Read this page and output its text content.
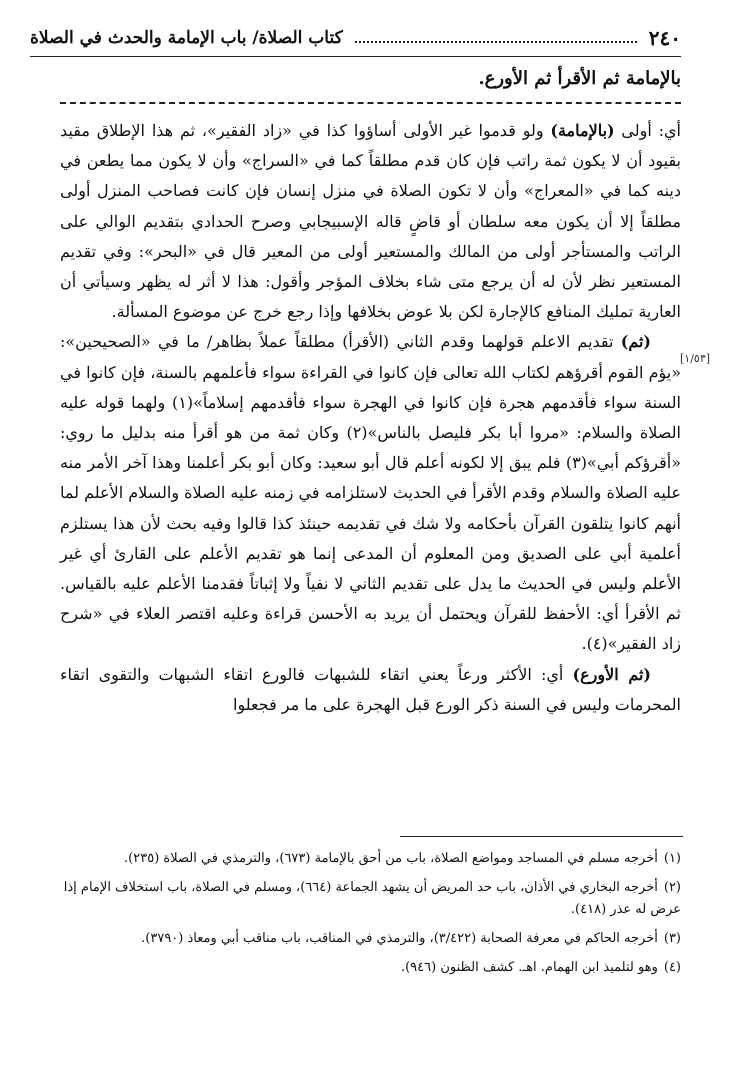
٢٤٠
كتاب الصلاة/ باب الإمامة والحدث في الصلاة
بالإمامة ثم الأقرأ ثم الأورع.
[١/٥٣]

أي: أولى (بالإمامة) ولو قدموا غير الأولى أساؤوا كذا في «زاد الفقير»، ثم هذا الإطلاق مقيد بقيود أن لا يكون ثمة راتب فإن كان قدم مطلقاً كما في «السراج» وأن لا يكون مما يطعن في دينه كما في «المعراج» وأن لا تكون الصلاة في منزل إنسان فإن كانت فصاحب المنزل أولى مطلقاً إلا أن يكون معه سلطان أو قاضٍ قاله الإسبيجابي وصرح الحدادي بتقديم الوالي على الراتب والمستأجر أولى من المالك والمستعير أولى من المعير قال في «البحر»: وفي تقديم المستعير نظر لأن له أن يرجع متى شاء بخلاف المؤجر وأقول: هذا لا أثر له يظهر وسيأتي أن العارية تمليك المنافع كالإجارة لكن بلا عوض بخلافها وإذا رجع خرج عن موضوع المسألة.

(ثم) تقديم الاعلم قولهما وقدم الثاني (الأقرأ) مطلقاً عملاً بظاهر/ ما في «الصحيحين»: «يؤم القوم أقرؤهم لكتاب الله تعالى فإن كانوا في القراءة سواء فأعلمهم بالسنة، فإن كانوا في السنة سواء فأقدمهم هجرة فإن كانوا في الهجرة سواء فأقدمهم إسلاماً»(١) ولهما قوله عليه الصلاة والسلام: «مروا أبا بكر فليصل بالناس»(٢) وكان ثمة من هو أقرأ منه بدليل ما روي: «أقرؤكم أبي»(٣) فلم يبق إلا لكونه أعلم قال أبو سعيد: وكان أبو بكر أعلمنا وهذا آخر الأمر منه عليه الصلاة والسلام وقدم الأقرأ في الحديث لاستلزامه في زمنه عليه الصلاة والسلام الأعلم لما أنهم كانوا يتلقون القرآن بأحكامه ولا شك في تقديمه حينئذ كذا قالوا وفيه بحث لأن هذا يستلزم أعلمية أبي على الصديق ومن المعلوم أن المدعى إنما هو تقديم الأعلم على القارئ أي غير الأعلم وليس في الحديث ما يدل على تقديم الثاني لا نفياً ولا إثباتاً فقدمنا الأعلم عليه بالقياس. ثم الأقرأ أي: الأحفظ للقرآن ويحتمل أن يريد به الأحسن قراءة وعليه اقتصر العلاء في «شرح زاد الفقير»(٤).

(ثم الأورع) أي: الأكثر ورعاً يعني اتقاء للشبهات فالورع اتقاء الشبهات والتقوى اتقاء المحرمات وليس في السنة ذكر الورع قبل الهجرة على ما مر فجعلوا

(١)أخرجه مسلم في المساجد ومواضع الصلاة، باب من أحق بالإمامة (٦٧٣)، والترمذي في الصلاة (٢٣٥).

(٢)أخرجه البخاري في الأذان، باب حد المريض أن يشهد الجماعة (٦٦٤)، ومسلم في الصلاة، باب استخلاف الإمام إذا عرض له عذر (٤١٨).

(٣)أخرجه الحاكم في معرفة الصحابة (٣/٤٢٢)، والترمذي في المناقب، باب مناقب أبي ومعاذ (٣٧٩٠).

(٤)وهو لتلميذ ابن الهمام. اهـ. كشف الظنون (٩٤٦).
